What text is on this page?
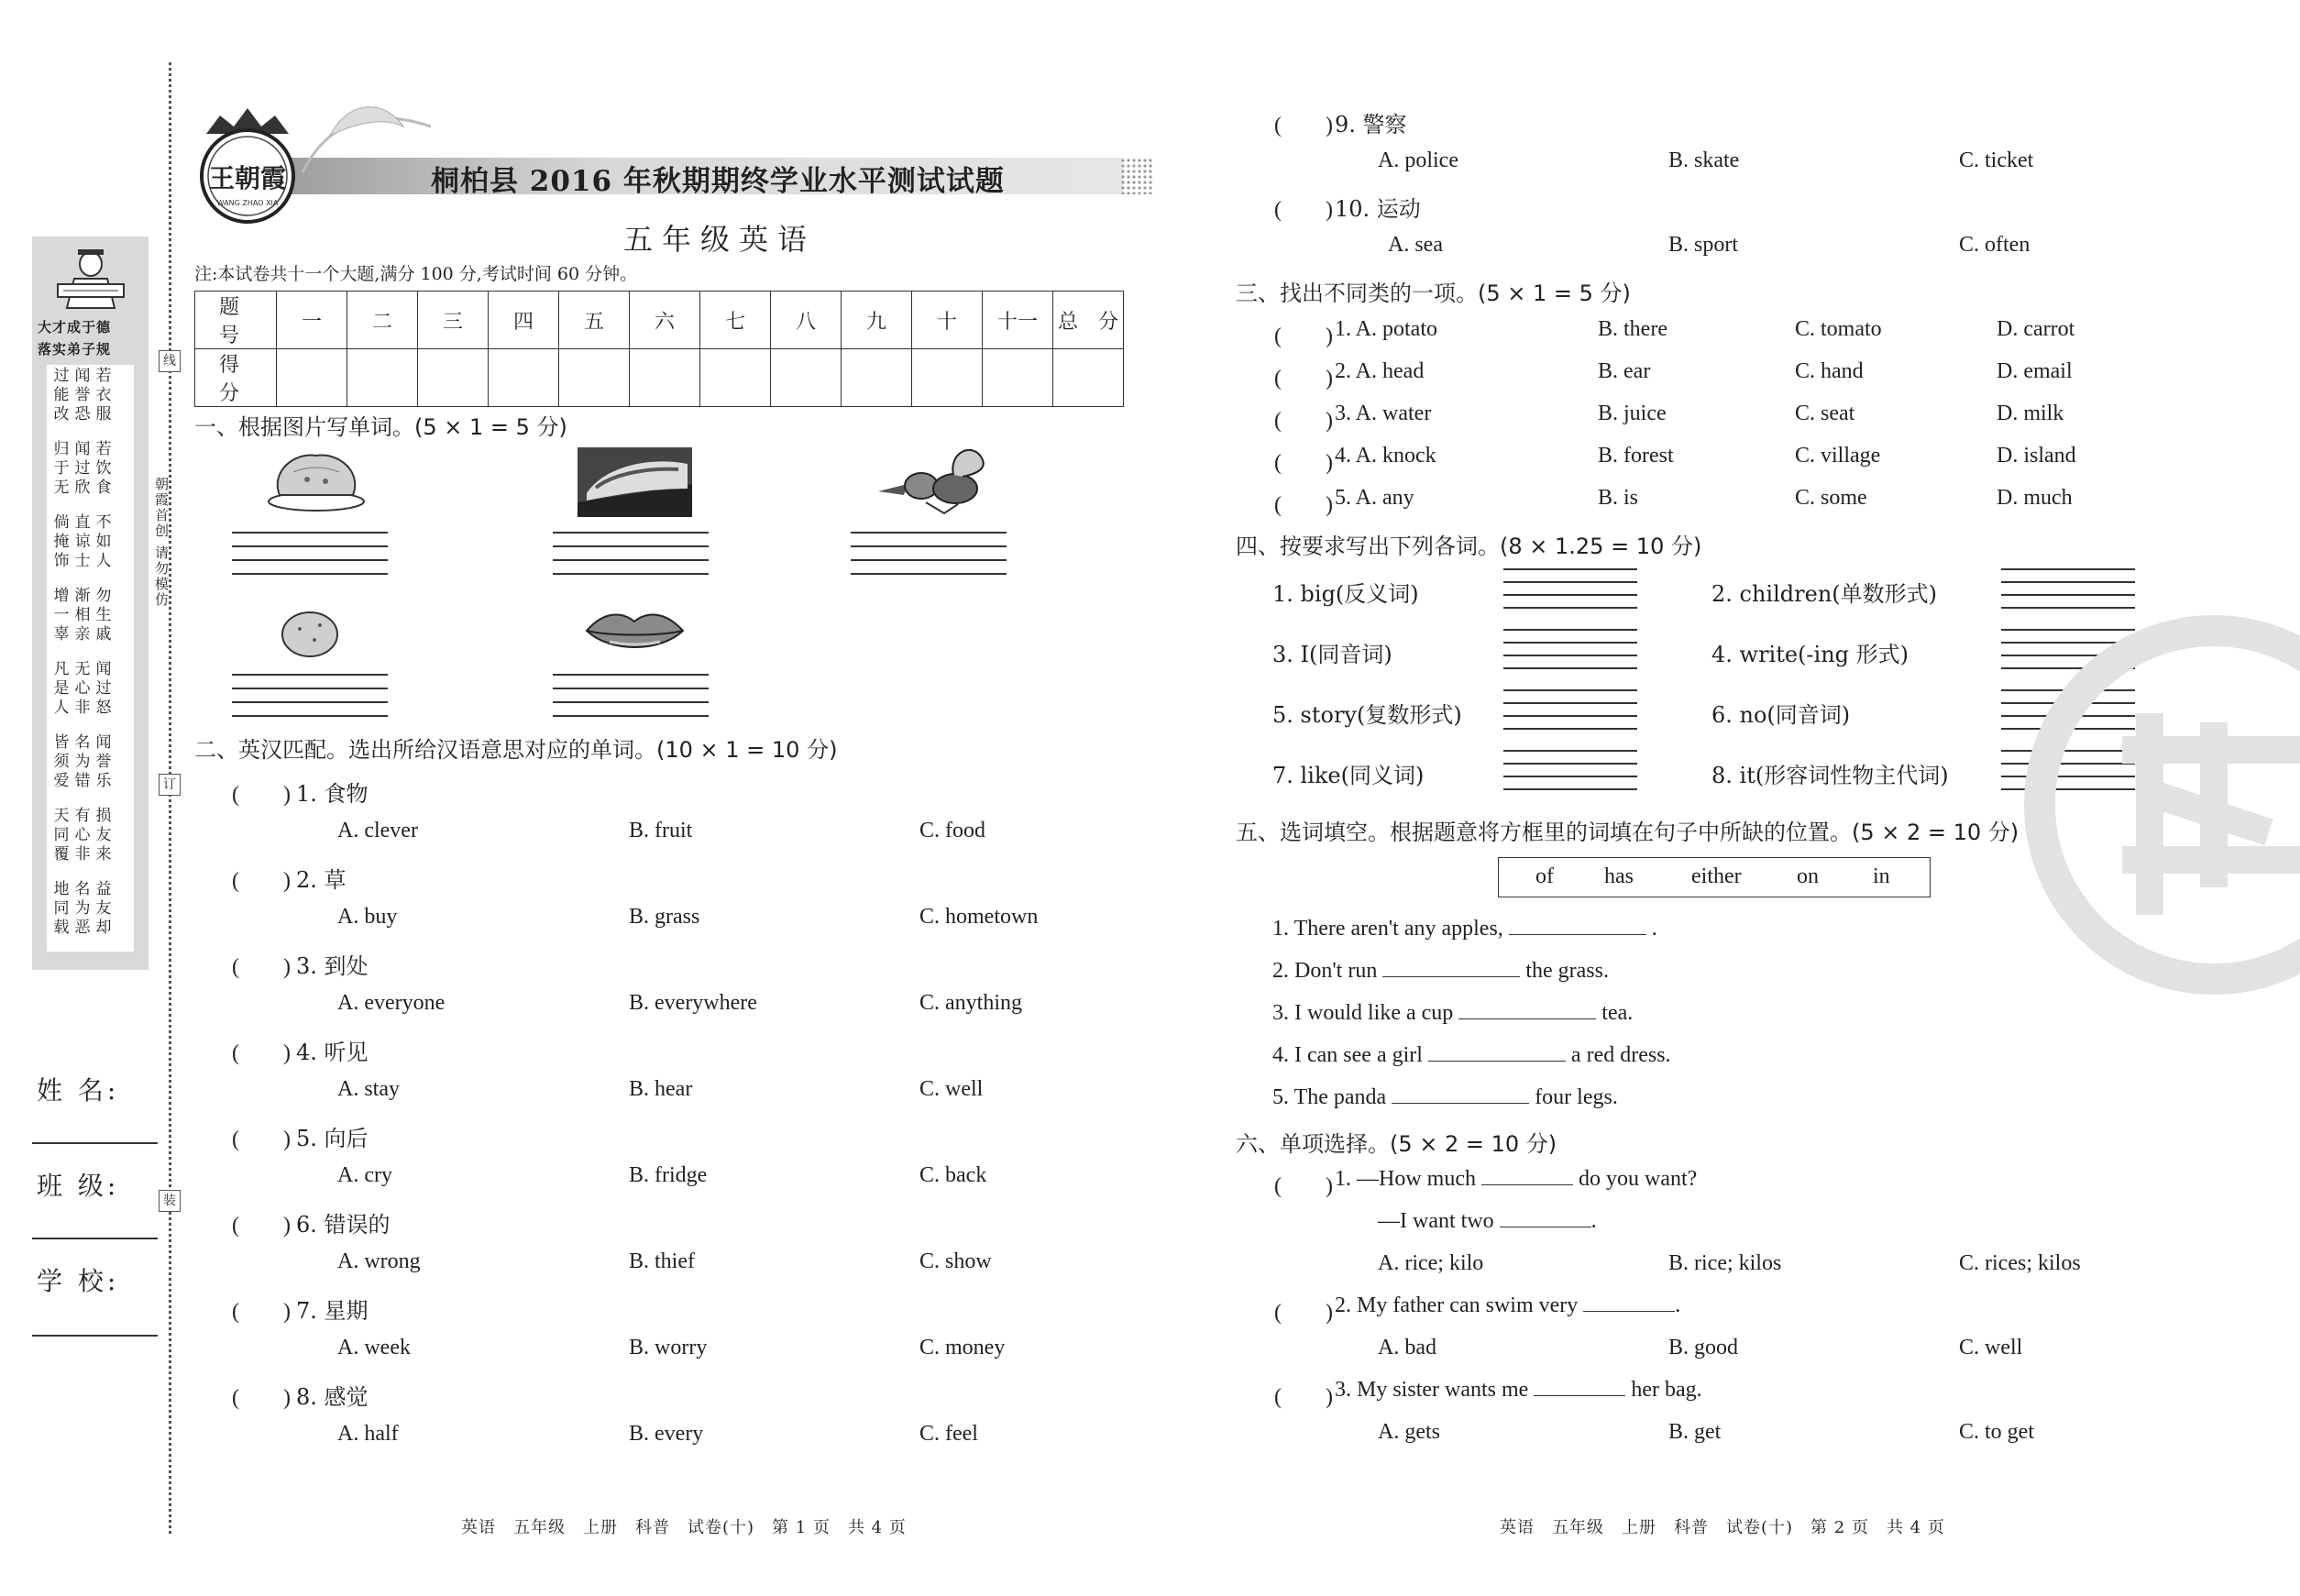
大才成于德
落实弟子规
过
能
改
闻
誉
恐
若
衣
服
归
于
无
闻
过
欣
若
饮
食
倘
掩
饰
直
谅
士
不
如
人
增
一
辜
渐
相
亲
勿
生
戚
凡
是
人
无
心
非
闻
过
怒
皆
须
爱
名
为
错
闻
誉
乐
天
同
覆
有
心
非
损
友
来
地
同
载
名
为
恶
益
友
却
线
朝霞首创 请勿模仿
订
装
姓 名:
班 级:
学 校:
王朝霞
WANG ZHAO XIA
桐柏县 2016 年秋期期终学业水平测试试题
五年级英语
注:本试卷共十一个大题,满分 100 分,考试时间 60 分钟。
题　号	一	二	三	四	五	六	七	八	九	十	十一	总　分
得　分												
一、根据图片写单词。(5 × 1 = 5 分)
二、英汉匹配。选出所给汉语意思对应的单词。(10 × 1 = 10 分)
(　　) 1. 食物
A. clever	B. fruit	C. food
(　　) 2. 草
A. buy	B. grass	C. hometown
(　　) 3. 到处
A. everyone	B. everywhere	C. anything
(　　) 4. 听见
A. stay	B. hear	C. well
(　　) 5. 向后
A. cry	B. fridge	C. back
(　　) 6. 错误的
A. wrong	B. thief	C. show
(　　) 7. 星期
A. week	B. worry	C. money
(　　) 8. 感觉
A. half	B. every	C. feel
(　　) 9. 警察
A. police	B. skate	C. ticket
(　　) 10. 运动
A. sea	B. sport	C. often
三、找出不同类的一项。(5 × 1 = 5 分)
(　　) 1. A. potato	B. there	C. tomato	D. carrot
(　　) 2. A. head	B. ear	C. hand	D. email
(　　) 3. A. water	B. juice	C. seat	D. milk
(　　) 4. A. knock	B. forest	C. village	D. island
(　　) 5. A. any	B. is	C. some	D. much
四、按要求写出下列各词。(8 × 1.25 = 10 分)
1. big(反义词)	2. children(单数形式)
3. I(同音词)	4. write(-ing 形式)
5. story(复数形式)	6. no(同音词)
7. like(同义词)	8. it(形容词性物主代词)
五、选词填空。根据题意将方框里的词填在句子中所缺的位置。(5 × 2 = 10 分)
of has	either	on in
1. There aren't any apples,	.
2. Don't run	the grass.
3. I would like a cup	tea.
4. I can see a girl	a red dress.
5. The panda	four legs.
六、单项选择。(5 × 2 = 10 分)
(　　) 1. —How much	do you want?
—I want two	.
A. rice; kilo	B. rice; kilos	C. rices; kilos
(　　) 2. My father can swim very	.
A. bad	B. good	C. well
(　　) 3. My sister wants me	her bag.
A. gets	B. get	C. to get
英语　五年级　上册　科普　试卷(十)　第 1 页　共 4 页	英语　五年级　上册　科普　试卷(十)　第 2 页　共 4 页
